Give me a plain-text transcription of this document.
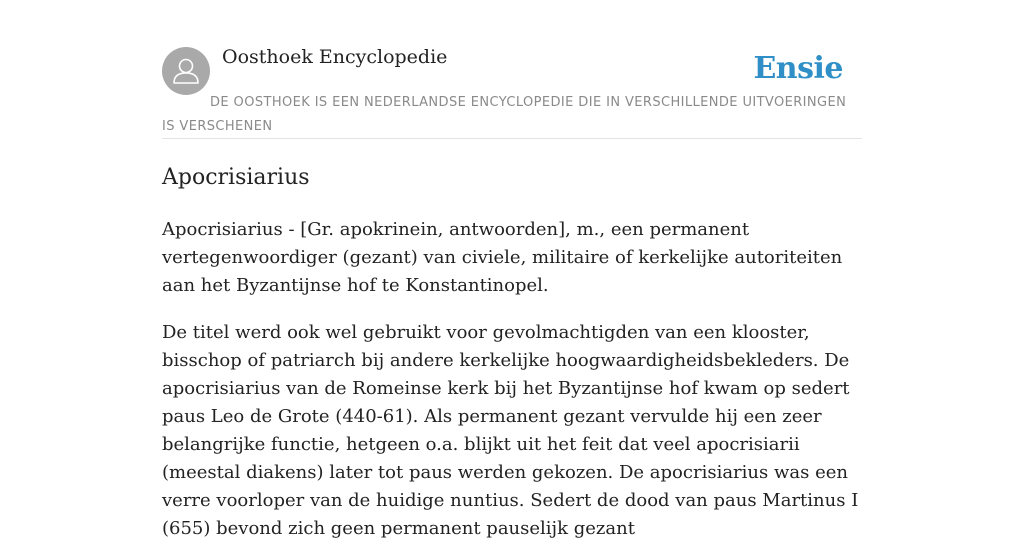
Oosthoek Encyclopedie	Ensie
DE OOSTHOEK IS EEN NEDERLANDSE ENCYCLOPEDIE DIE IN VERSCHILLENDE UITVOERINGEN IS VERSCHENEN
Apocrisiarius

Apocrisiarius - [Gr. apokrinein, antwoorden], m., een permanent vertegenwoordiger (gezant) van civiele, militaire of kerkelijke autoriteiten aan het Byzantijnse hof te Konstantinopel.

De titel werd ook wel gebruikt voor gevolmachtigden van een klooster, bisschop of patriarch bij andere kerkelijke hoogwaardigheidsbekleders. De apocrisiarius van de Romeinse kerk bij het Byzantijnse hof kwam op sedert paus Leo de Grote (440-61). Als permanent gezant vervulde hij een zeer belangrijke functie, hetgeen o.a. blijkt uit het feit dat veel apocrisiarii (meestal diakens) later tot paus werden gekozen. De apocrisiarius was een verre voorloper van de huidige nuntius. Sedert de dood van paus Martinus I (655) bevond zich geen permanent pauselijk gezant
